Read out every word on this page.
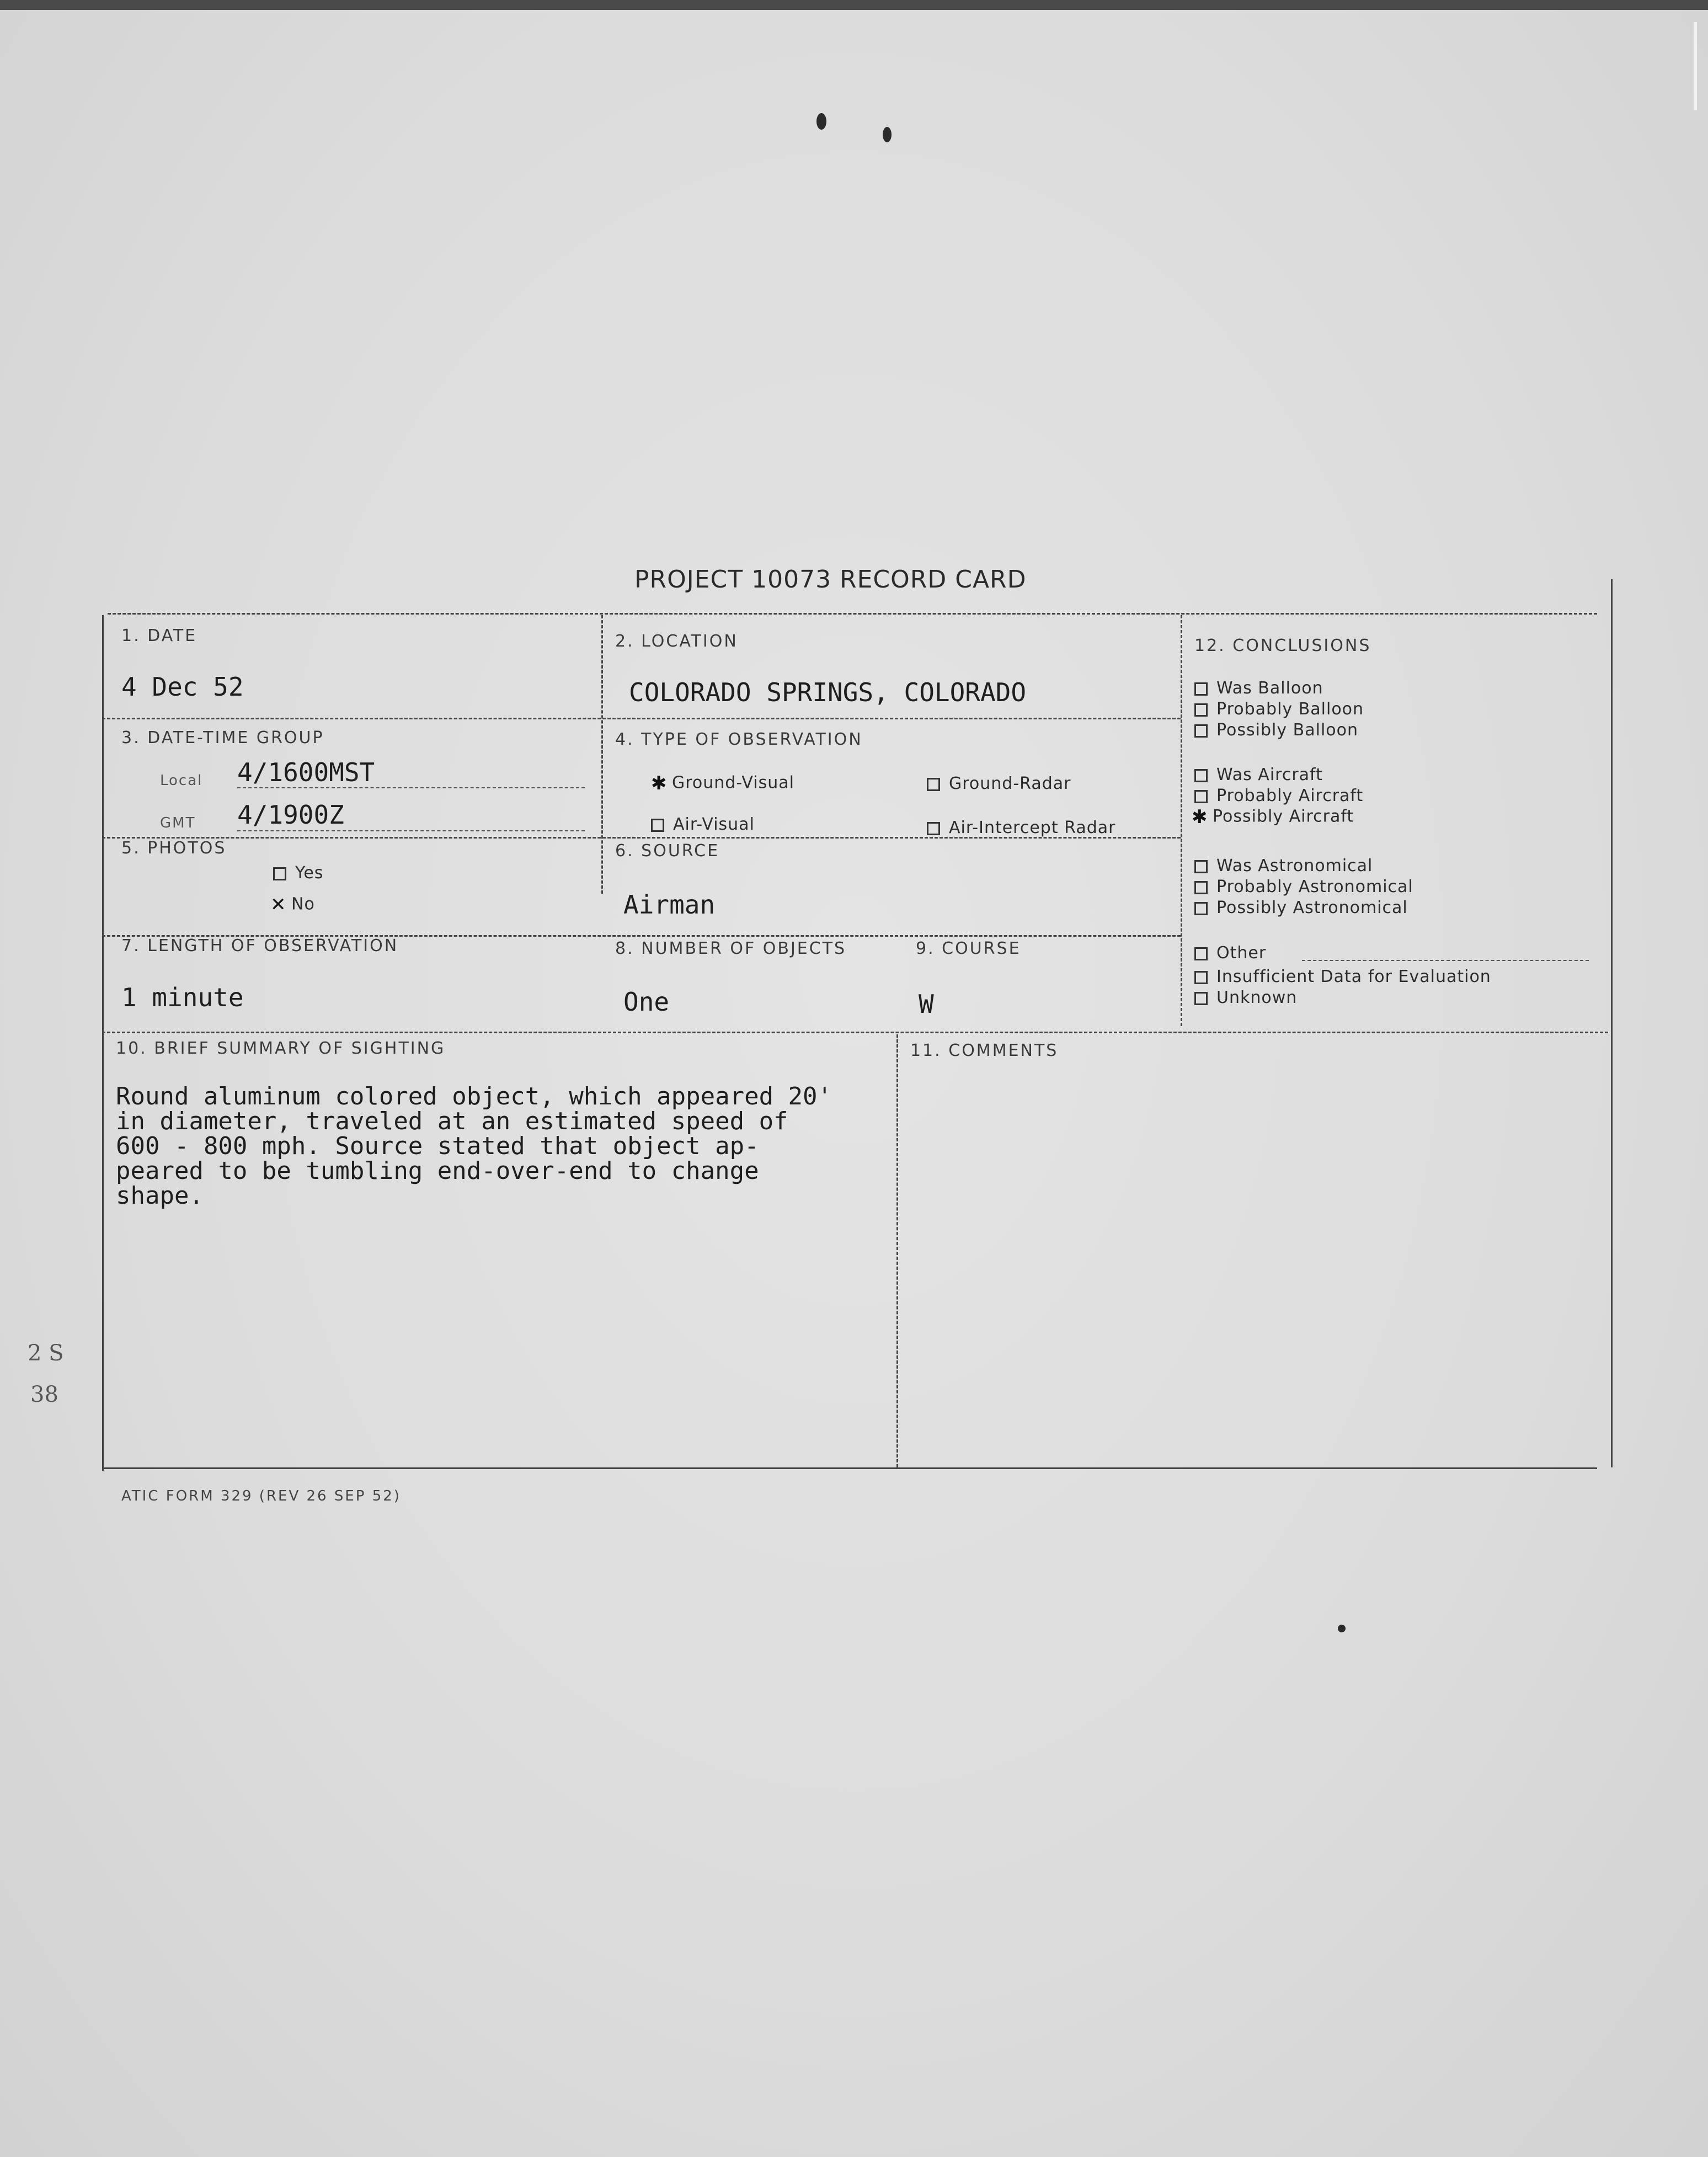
2 S
38
PROJECT 10073 RECORD CARD
1. DATE
4 Dec 52
2. LOCATION
COLORADO SPRINGS, COLORADO
3. DATE-TIME GROUP
Local 4/1600MST
GMT 4/1900Z
4. TYPE OF OBSERVATION
✱ Ground-Visual	Ground-Radar
Air-Visual	Air-Intercept Radar
5. PHOTOS
Yes
✕ No
6. SOURCE
Airman
7. LENGTH OF OBSERVATION
1 minute
8. NUMBER OF OBJECTS
One
9. COURSE
W
10. BRIEF SUMMARY OF SIGHTING	11. COMMENTS
12. CONCLUSIONS
Was Balloon
Probably Balloon
Possibly Balloon
Was Aircraft
Probably Aircraft
✱ Possibly Aircraft
Was Astronomical
Probably Astronomical
Possibly Astronomical
Other
Insufficient Data for Evaluation
Unknown
Round aluminum colored object, which appeared 20'
in diameter, traveled at an estimated speed of
600 - 800 mph. Source stated that object ap-
peared to be tumbling end-over-end to change
shape.
ATIC FORM 329 (REV 26 SEP 52)
